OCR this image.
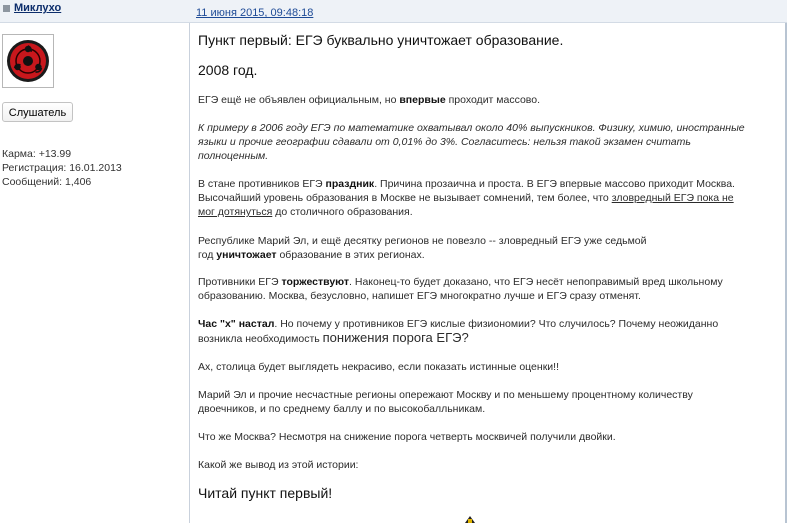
Миклухо	11 июня 2015, 09:48:18
Слушатель
Карма: +13.99
Регистрация: 16.01.2013
Сообщений: 1,406
Пункт первый: ЕГЭ буквально уничтожает образование.
2008 год.
ЕГЭ ещё не объявлен официальным, но впервые проходит массово.
К примеру в 2006 году ЕГЭ по математике охватывал около 40% выпускников. Физику, химию, иностранные
языки и прочие географии сдавали от 0,01% до 3%. Согласитесь: нельзя такой экзамен считать
полноценным.
В стане противников ЕГЭ праздник. Причина прозаична и проста. В ЕГЭ впервые массово приходит Москва.
Высочайший уровень образования в Москве не вызывает сомнений, тем более, что зловредный ЕГЭ пока не
мог дотянуться до столичного образования.
Республике Марий Эл, и ещё десятку регионов не повезло -- зловредный ЕГЭ уже седьмой
год уничтожает образование в этих регионах.
Противники ЕГЭ торжествуют. Наконец-то будет доказано, что ЕГЭ несёт непоправимый вред школьному
образованию. Москва, безусловно, напишет ЕГЭ многократно лучше и ЕГЭ сразу отменят.
Час "х" настал. Но почему у противников ЕГЭ кислые физиономии? Что случилось? Почему неожиданно
возникла необходимость понижения порога ЕГЭ?
Ах, столица будет выглядеть некрасиво, если показать истинные оценки!!
Марий Эл и прочие несчастные регионы опережают Москву и по меньшему процентному количеству
двоечников, и по среднему баллу и по высокобалльникам.
Что же Москва? Несмотря на снижение порога четверть москвичей получили двойки.
Какой же вывод из этой истории:
Читай пункт первый!
